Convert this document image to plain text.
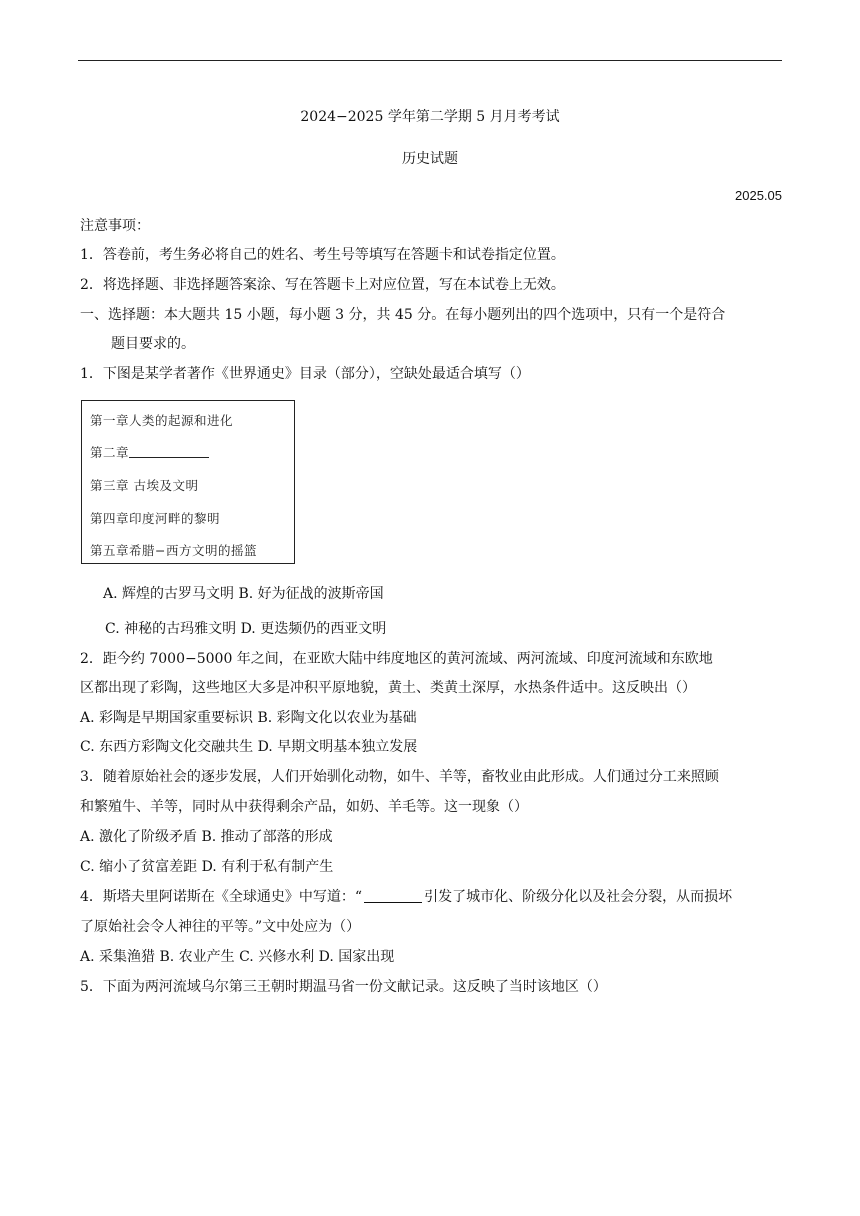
2024−2025 学年第二学期 5 月月考考试
历史试题
2025.05
注意事项：
1．答卷前，考生务必将自己的姓名、考生号等填写在答题卡和试卷指定位置。
2．将选择题、非选择题答案涂、写在答题卡上对应位置，写在本试卷上无效。
一、选择题：本大题共 15 小题，每小题 3 分，共 45 分。在每小题列出的四个选项中，只有一个是符合
题目要求的。
1．下图是某学者著作《世界通史》目录（部分），空缺处最适合填写（）
第一章人类的起源和进化
第二章
第三章 古埃及文明
第四章印度河畔的黎明
第五章希腊−西方文明的摇篮
A. 辉煌的古罗马文明 B. 好为征战的波斯帝国
C. 神秘的古玛雅文明 D. 更迭频仍的西亚文明
2．距今约 7000−5000 年之间，在亚欧大陆中纬度地区的黄河流域、两河流域、印度河流域和东欧地
区都出现了彩陶，这些地区大多是冲积平原地貌，黄土、类黄土深厚，水热条件适中。这反映出（）
A. 彩陶是早期国家重要标识 B. 彩陶文化以农业为基础
C. 东西方彩陶文化交融共生 D. 早期文明基本独立发展
3．随着原始社会的逐步发展，人们开始驯化动物，如牛、羊等，畜牧业由此形成。人们通过分工来照顾
和繁殖牛、羊等，同时从中获得剩余产品，如奶、羊毛等。这一现象（）
A. 激化了阶级矛盾 B. 推动了部落的形成
C. 缩小了贫富差距 D. 有利于私有制产生
4．斯塔夫里阿诺斯在《全球通史》中写道：“	引发了城市化、阶级分化以及社会分裂，从而损坏
了原始社会令人神往的平等。”文中处应为（）
A. 采集渔猎 B. 农业产生 C. 兴修水利 D. 国家出现
5．下面为两河流域乌尔第三王朝时期温马省一份文献记录。这反映了当时该地区（）
